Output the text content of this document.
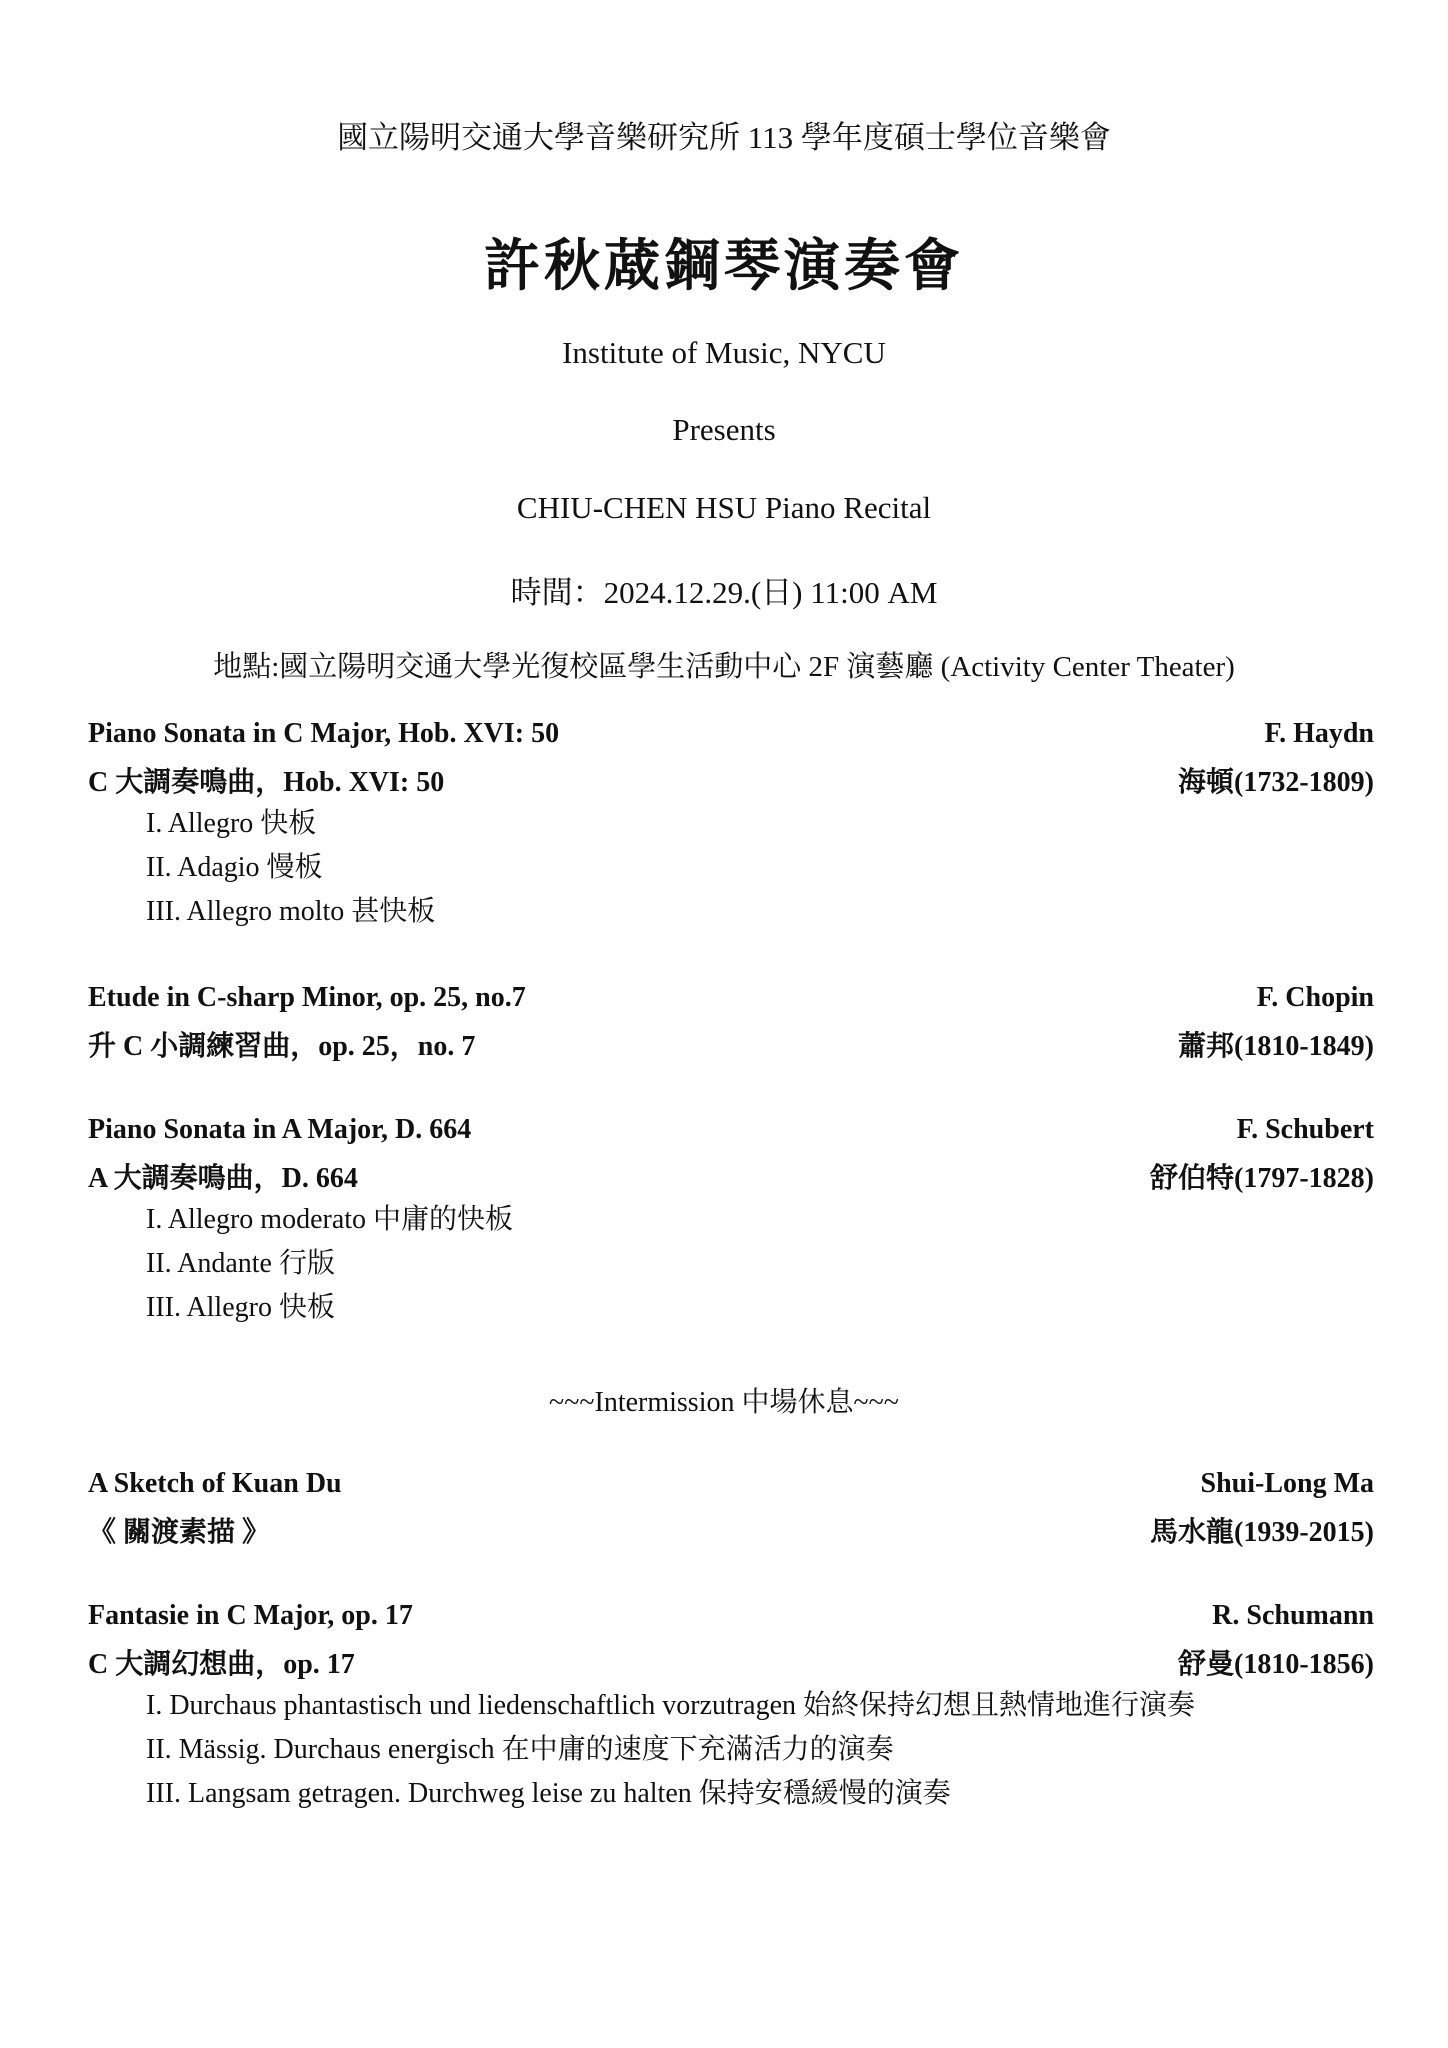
國立陽明交通大學音樂研究所 113 學年度碩士學位音樂會
許秋蒧鋼琴演奏會
Institute of Music, NYCU
Presents
CHIU-CHEN HSU Piano Recital
時間：2024.12.29.(日) 11:00 AM
地點:國立陽明交通大學光復校區學生活動中心 2F 演藝廳 (Activity Center Theater)
Piano Sonata in C Major, Hob. XVI: 50	F. Haydn
C 大調奏鳴曲，Hob. XVI: 50	海頓(1732-1809)
I. Allegro 快板
II. Adagio 慢板
III. Allegro molto 甚快板
Etude in C-sharp Minor, op. 25, no.7	F. Chopin
升 C 小調練習曲，op. 25，no. 7	蕭邦(1810-1849)
Piano Sonata in A Major, D. 664	F. Schubert
A 大調奏鳴曲，D. 664	舒伯特(1797-1828)
I. Allegro moderato 中庸的快板
II. Andante 行版
III. Allegro 快板
~~~Intermission 中場休息~~~
A Sketch of Kuan Du	Shui-Long Ma
《 關渡素描 》	馬水龍(1939-2015)
Fantasie in C Major, op. 17	R. Schumann
C 大調幻想曲，op. 17	舒曼(1810-1856)
I. Durchaus phantastisch und liedenschaftlich vorzutragen 始終保持幻想且熱情地進行演奏
II. Mässig. Durchaus energisch 在中庸的速度下充滿活力的演奏
III. Langsam getragen. Durchweg leise zu halten 保持安穩緩慢的演奏
